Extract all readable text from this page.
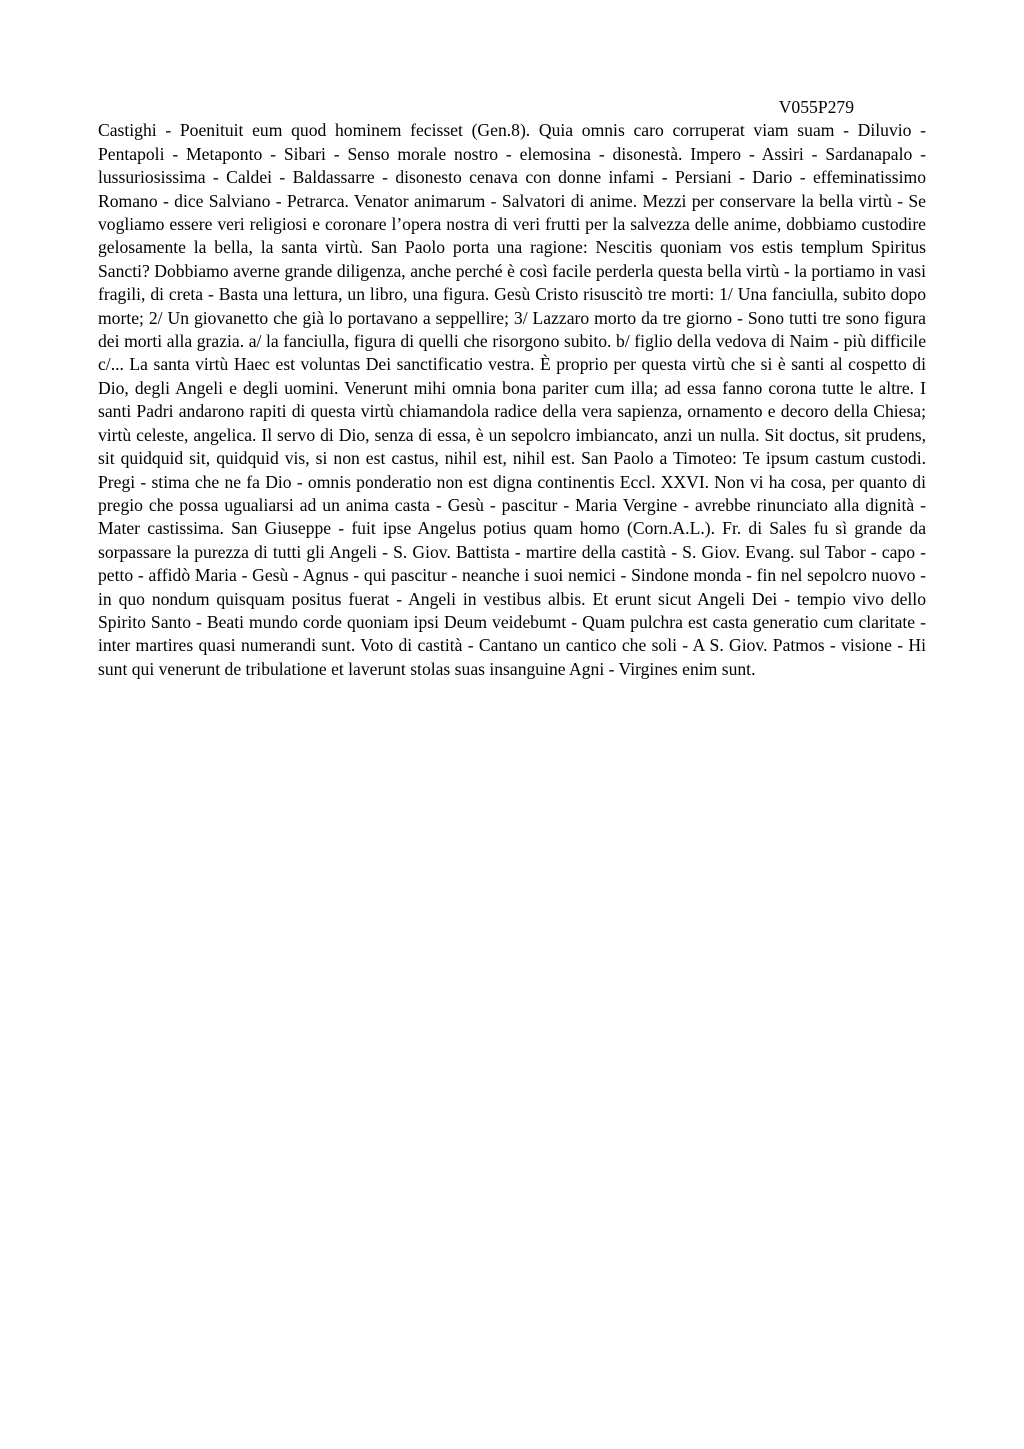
V055P279

Castighi - Poenituit eum quod hominem fecisset (Gen.8). Quia omnis caro corruperat viam suam - Diluvio - Pentapoli - Metaponto - Sibari - Senso morale nostro - elemosina - disonestà. Impero - Assiri - Sardanapalo - lussuriosissima - Caldei - Baldassarre - disonesto cenava con donne infami - Persiani - Dario - effeminatissimo Romano - dice Salviano - Petrarca. Venator animarum - Salvatori di anime. Mezzi per conservare la bella virtù - Se vogliamo essere veri religiosi e coronare l’opera nostra di veri frutti per la salvezza delle anime, dobbiamo custodire gelosamente la bella, la santa virtù. San Paolo porta una ragione: Nescitis quoniam vos estis templum Spiritus Sancti? Dobbiamo averne grande diligenza, anche perché è così facile perderla questa bella virtù - la portiamo in vasi fragili, di creta - Basta una lettura, un libro, una figura. Gesù Cristo risuscitò tre morti: 1/ Una fanciulla, subito dopo morte; 2/ Un giovanetto che già lo portavano a seppellire; 3/ Lazzaro morto da tre giorno - Sono tutti tre sono figura dei morti alla grazia. a/ la fanciulla, figura di quelli che risorgono subito. b/ figlio della vedova di Naim - più difficile c/... La santa virtù Haec est voluntas Dei sanctificatio vestra. È proprio per questa virtù che si è santi al cospetto di Dio, degli Angeli e degli uomini. Venerunt mihi omnia bona pariter cum illa; ad essa fanno corona tutte le altre. I santi Padri andarono rapiti di questa virtù chiamandola radice della vera sapienza, ornamento e decoro della Chiesa; virtù celeste, angelica. Il servo di Dio, senza di essa, è un sepolcro imbiancato, anzi un nulla. Sit doctus, sit prudens, sit quidquid sit, quidquid vis, si non est castus, nihil est, nihil est. San Paolo a Timoteo: Te ipsum castum custodi. Pregi - stima che ne fa Dio - omnis ponderatio non est digna continentis Eccl. XXVI. Non vi ha cosa, per quanto di pregio che possa ugualiarsi ad un anima casta - Gesù - pascitur - Maria Vergine - avrebbe rinunciato alla dignità - Mater castissima. San Giuseppe - fuit ipse Angelus potius quam homo (Corn.A.L.). Fr. di Sales fu sì grande da sorpassare la purezza di tutti gli Angeli - S. Giov. Battista - martire della castità - S. Giov. Evang. sul Tabor - capo - petto - affidò Maria - Gesù - Agnus - qui pascitur - neanche i suoi nemici - Sindone monda - fin nel sepolcro nuovo - in quo nondum quisquam positus fuerat - Angeli in vestibus albis. Et erunt sicut Angeli Dei - tempio vivo dello Spirito Santo - Beati mundo corde quoniam ipsi Deum veidebumt - Quam pulchra est casta generatio cum claritate - inter martires quasi numerandi sunt. Voto di castità - Cantano un cantico che soli - A S. Giov. Patmos - visione - Hi sunt qui venerunt de tribulatione et laverunt stolas suas insanguine Agni - Virgines enim sunt.
